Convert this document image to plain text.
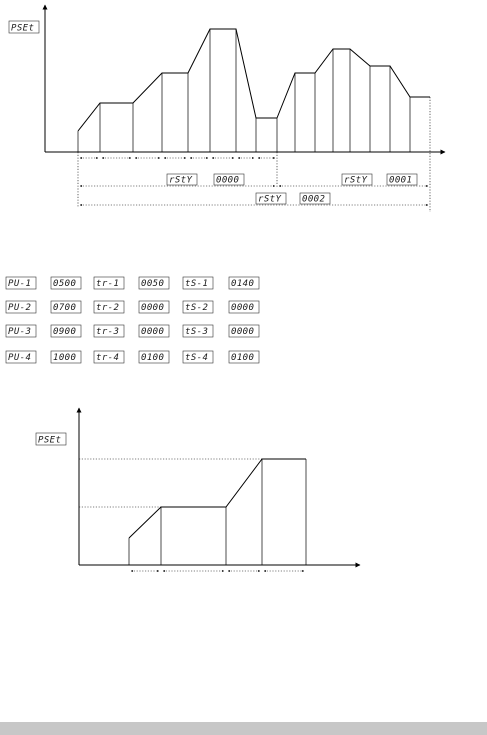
PSEt
rStY	0000	rStY 0001
rStY 0002
PU-1 0500 tr-1 0050 tS-1	0140
PU-2 0700 tr-2 0000 tS-2	0000
PU-3 0900 tr-3 0000 tS-3	0000
PU-4 1000 tr-4 0100 tS-4	0100
PSEt
